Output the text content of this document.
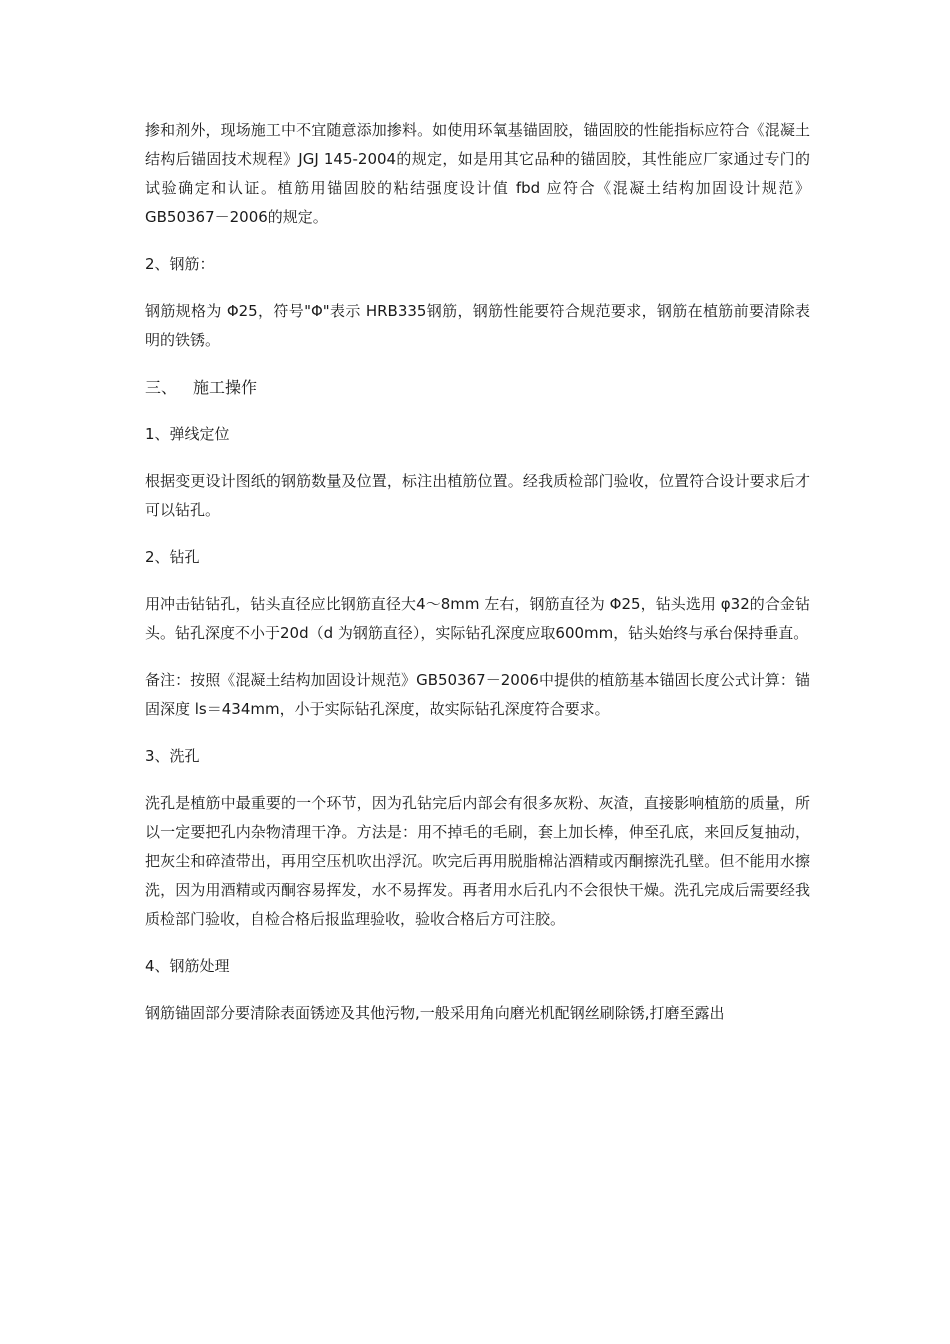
掺和剂外，现场施工中不宜随意添加掺料。如使用环氧基锚固胶，锚固胶的性能指标应符合《混凝土结构后锚固技术规程》JGJ 145-2004的规定，如是用其它品种的锚固胶，其性能应厂家通过专门的试验确定和认证。植筋用锚固胶的粘结强度设计值 fbd 应符合《混凝土结构加固设计规范》GB50367－2006的规定。

2、钢筋：

钢筋规格为 Φ25，符号"Φ"表示 HRB335钢筋，钢筋性能要符合规范要求，钢筋在植筋前要清除表明的铁锈。

三、 施工操作

1、弹线定位

根据变更设计图纸的钢筋数量及位置，标注出植筋位置。经我质检部门验收，位置符合设计要求后才可以钻孔。

2、钻孔

用冲击钻钻孔，钻头直径应比钢筋直径大4～8mm 左右，钢筋直径为 Φ25，钻头选用 φ32的合金钻头。钻孔深度不小于20d（d 为钢筋直径），实际钻孔深度应取600mm，钻头始终与承台保持垂直。

备注：按照《混凝土结构加固设计规范》GB50367－2006中提供的植筋基本锚固长度公式计算：锚固深度 ls＝434mm，小于实际钻孔深度，故实际钻孔深度符合要求。

3、洗孔

洗孔是植筋中最重要的一个环节，因为孔钻完后内部会有很多灰粉、灰渣，直接影响植筋的质量，所以一定要把孔内杂物清理干净。方法是：用不掉毛的毛刷，套上加长棒，伸至孔底，来回反复抽动，把灰尘和碎渣带出，再用空压机吹出浮沉。吹完后再用脱脂棉沾酒精或丙酮擦洗孔壁。但不能用水擦洗，因为用酒精或丙酮容易挥发，水不易挥发。再者用水后孔内不会很快干燥。洗孔完成后需要经我质检部门验收，自检合格后报监理验收，验收合格后方可注胶。

4、钢筋处理

钢筋锚固部分要清除表面锈迹及其他污物,一般采用角向磨光机配钢丝刷除锈,打磨至露出
